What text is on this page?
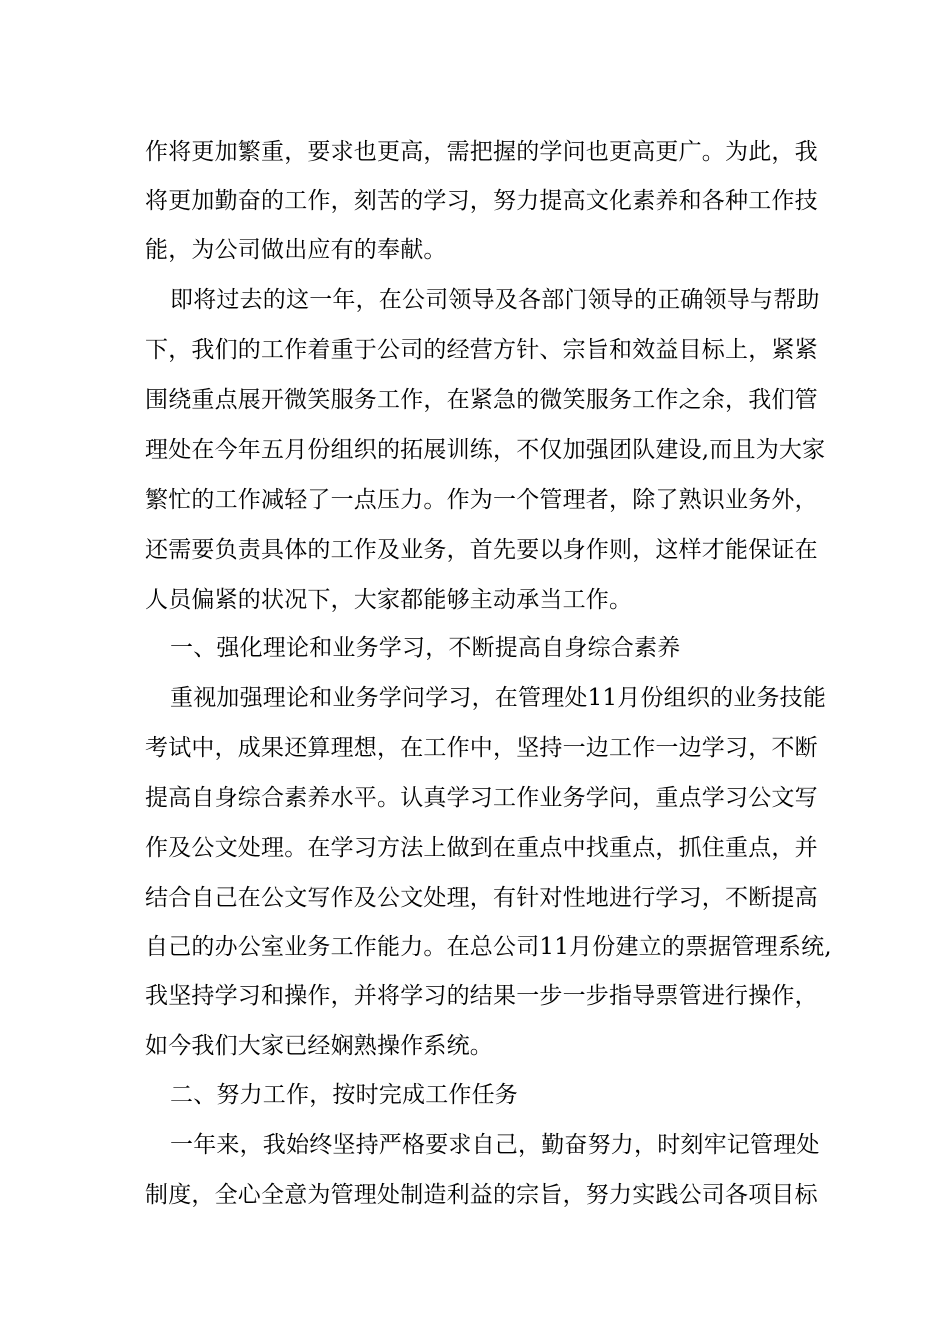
作将更加繁重，要求也更高，需把握的学问也更高更广。为此，我
将更加勤奋的工作，刻苦的学习，努力提高文化素养和各种工作技
能，为公司做出应有的奉献。
即将过去的这一年，在公司领导及各部门领导的正确领导与帮助
下，我们的工作着重于公司的经营方针、宗旨和效益目标上，紧紧
围绕重点展开微笑服务工作，在紧急的微笑服务工作之余，我们管
理处在今年五月份组织的拓展训练，不仅加强团队建设,而且为大家
繁忙的工作减轻了一点压力。作为一个管理者，除了熟识业务外，
还需要负责具体的工作及业务，首先要以身作则，这样才能保证在
人员偏紧的状况下，大家都能够主动承当工作。
一、强化理论和业务学习，不断提高自身综合素养
重视加强理论和业务学问学习，在管理处11月份组织的业务技能
考试中，成果还算理想，在工作中，坚持一边工作一边学习，不断
提高自身综合素养水平。认真学习工作业务学问，重点学习公文写
作及公文处理。在学习方法上做到在重点中找重点，抓住重点，并
结合自己在公文写作及公文处理，有针对性地进行学习，不断提高
自己的办公室业务工作能力。在总公司11月份建立的票据管理系统,
我坚持学习和操作，并将学习的结果一步一步指导票管进行操作，
如今我们大家已经娴熟操作系统。
二、努力工作，按时完成工作任务
一年来，我始终坚持严格要求自己，勤奋努力，时刻牢记管理处
制度，全心全意为管理处制造利益的宗旨，努力实践公司各项目标
